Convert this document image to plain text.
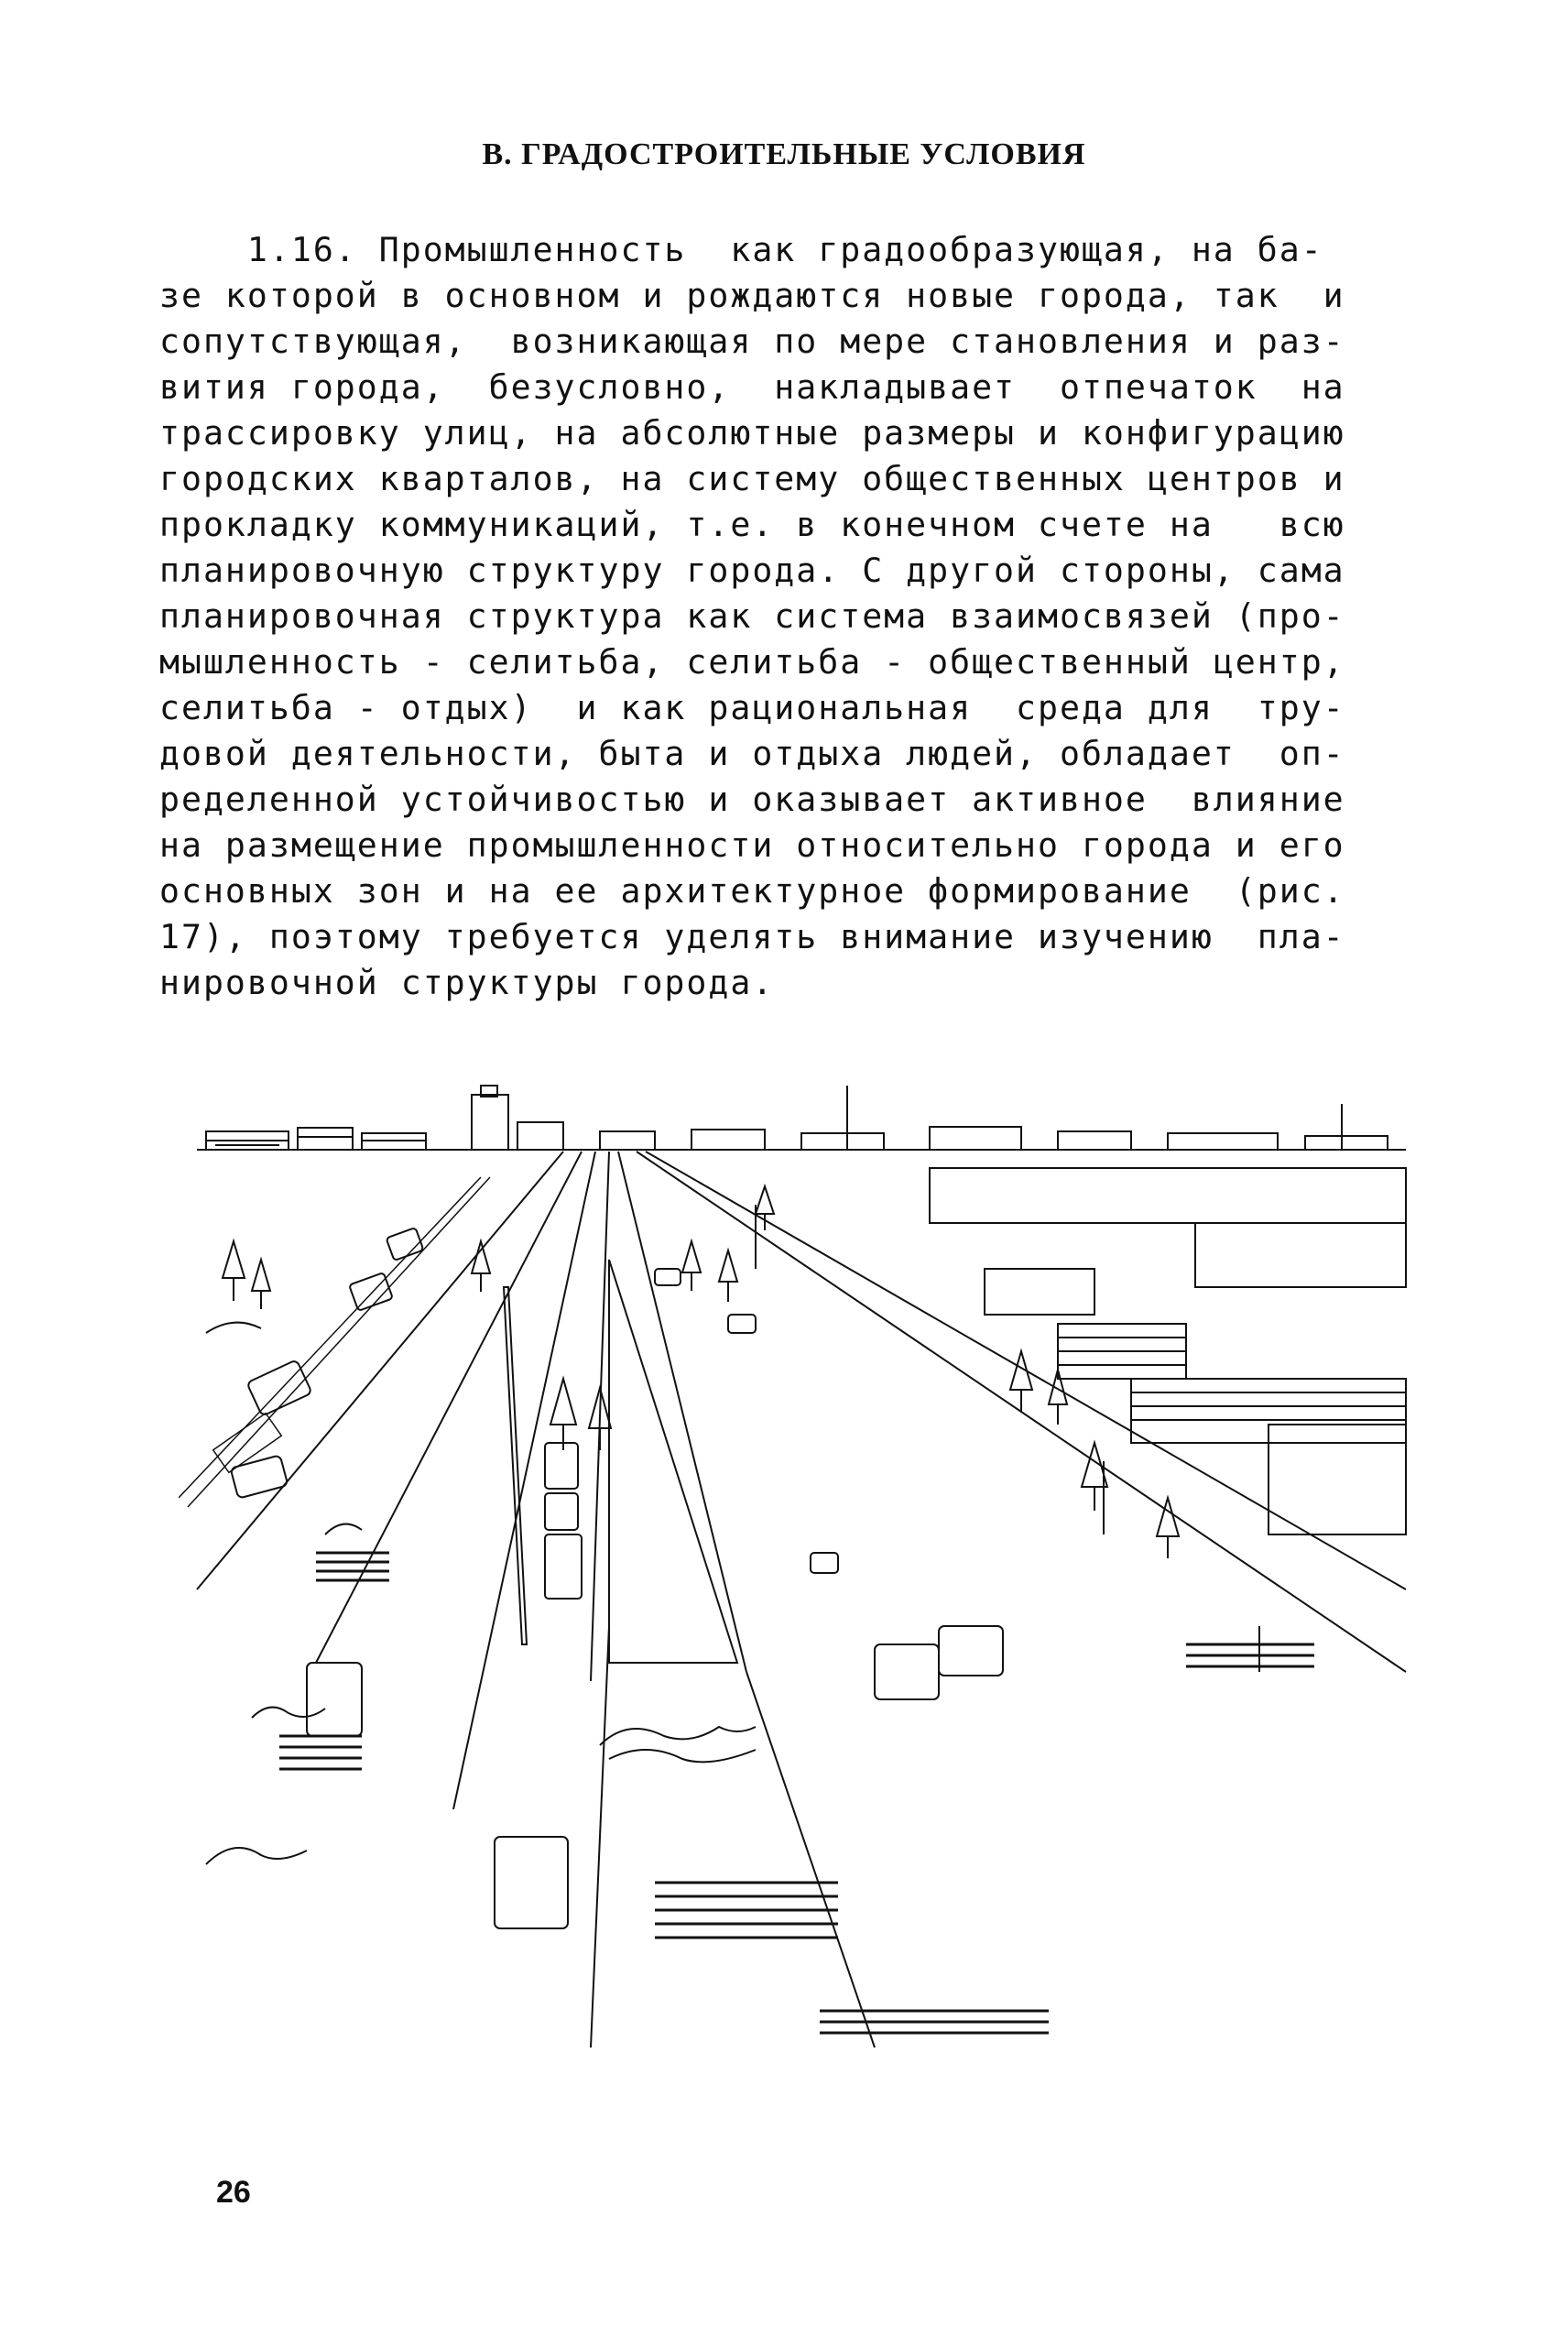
В. ГРАДОСТРОИТЕЛЬНЫЕ УСЛОВИЯ
1.16. Промышленность  как градообразующая, на ба-
зе которой в основном и рождаются новые города, так  и
сопутствующая,  возникающая по мере становления и раз-
вития города,  безусловно,  накладывает  отпечаток  на
трассировку улиц, на абсолютные размеры и конфигурацию
городских кварталов, на систему общественных центров и
прокладку коммуникаций, т.е. в конечном счете на   всю
планировочную структуру города. С другой стороны, сама
планировочная структура как система взаимосвязей (про-
мышленность - селитьба, селитьба - общественный центр,
селитьба - отдых)  и как рациональная  среда для  тру-
довой деятельности, быта и отдыха людей, обладает  оп-
ределенной устойчивостью и оказывает активное  влияние
на размещение промышленности относительно города и его
основных зон и на ее архитектурное формирование  (рис.
17), поэтому требуется уделять внимание изучению  пла-
нировочной структуры города.
26
